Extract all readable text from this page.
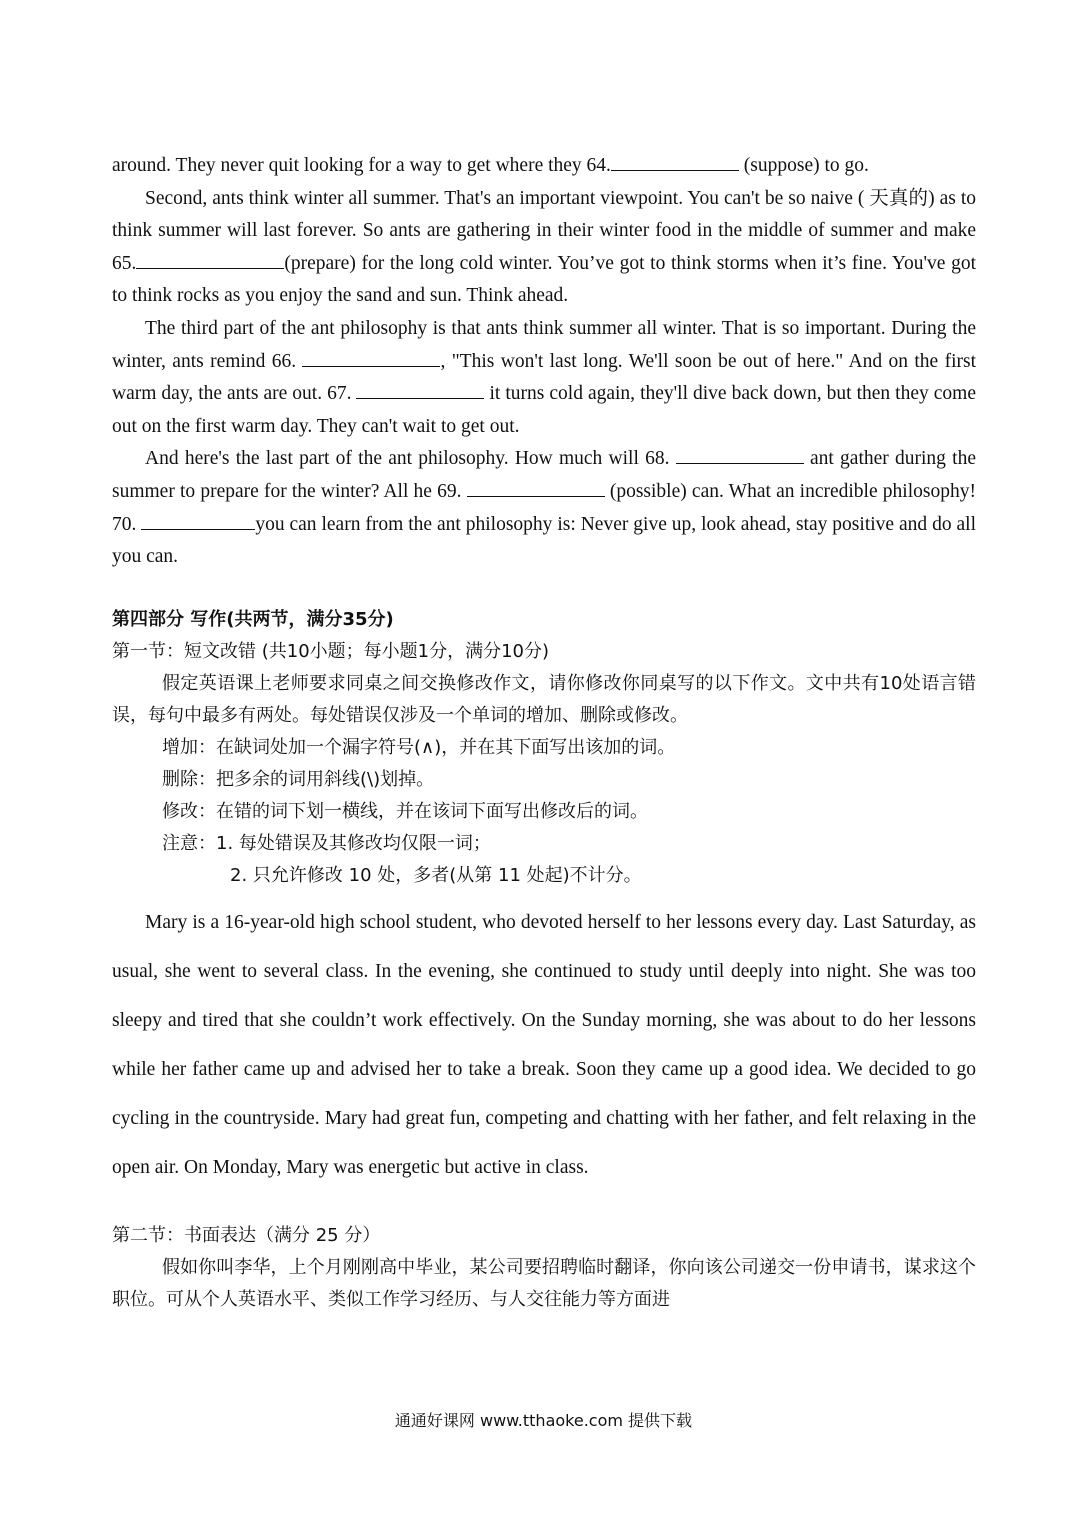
around. They never quit looking for a way to get where they 64.	(suppose) to go.

Second, ants think winter all summer. That's an important viewpoint. You can't be so naive ( 天真的) as to think summer will last forever. So ants are gathering in their winter food in the middle of summer and make 65.	(prepare) for the long cold winter. You’ve got to think storms when it’s fine. You've got to think rocks as you enjoy the sand and sun. Think ahead.

The third part of the ant philosophy is that ants think summer all winter. That is so important. During the winter, ants remind 66.	, "This won't last long. We'll soon be out of here." And on the first warm day, the ants are out. 67.	it turns cold again, they'll dive back down, but then they come out on the first warm day. They can't wait to get out.

And here's the last part of the ant philosophy. How much will 68.	ant gather during the summer to prepare for the winter? All he 69.	(possible) can. What an incredible philosophy! 70.	you can learn from the ant philosophy is: Never give up, look ahead, stay positive and do all you can.

第四部分 写作(共两节，满分35分)

第一节：短文改错 (共10小题；每小题1分，满分10分)

假定英语课上老师要求同桌之间交换修改作文，请你修改你同桌写的以下作文。文中共有10处语言错误，每句中最多有两处。每处错误仅涉及一个单词的增加、删除或修改。

增加：在缺词处加一个漏字符号(∧)，并在其下面写出该加的词。

删除：把多余的词用斜线(\)划掉。

修改：在错的词下划一横线，并在该词下面写出修改后的词。

注意：1. 每处错误及其修改均仅限一词；

2. 只允许修改 10 处，多者(从第 11 处起)不计分。

Mary is a 16-year-old high school student, who devoted herself to her lessons every day. Last Saturday, as usual, she went to several class. In the evening, she continued to study until deeply into night. She was too sleepy and tired that she couldn’t work effectively. On the Sunday morning, she was about to do her lessons while her father came up and advised her to take a break. Soon they came up a good idea. We decided to go cycling in the countryside. Mary had great fun, competing and chatting with her father, and felt relaxing in the open air. On Monday, Mary was energetic but active in class.

第二节：书面表达（满分 25 分）

假如你叫李华，上个月刚刚高中毕业，某公司要招聘临时翻译，你向该公司递交一份申请书，谋求这个职位。可从个人英语水平、类似工作学习经历、与人交往能力等方面进

通通好课网 www.tthaoke.com 提供下载
